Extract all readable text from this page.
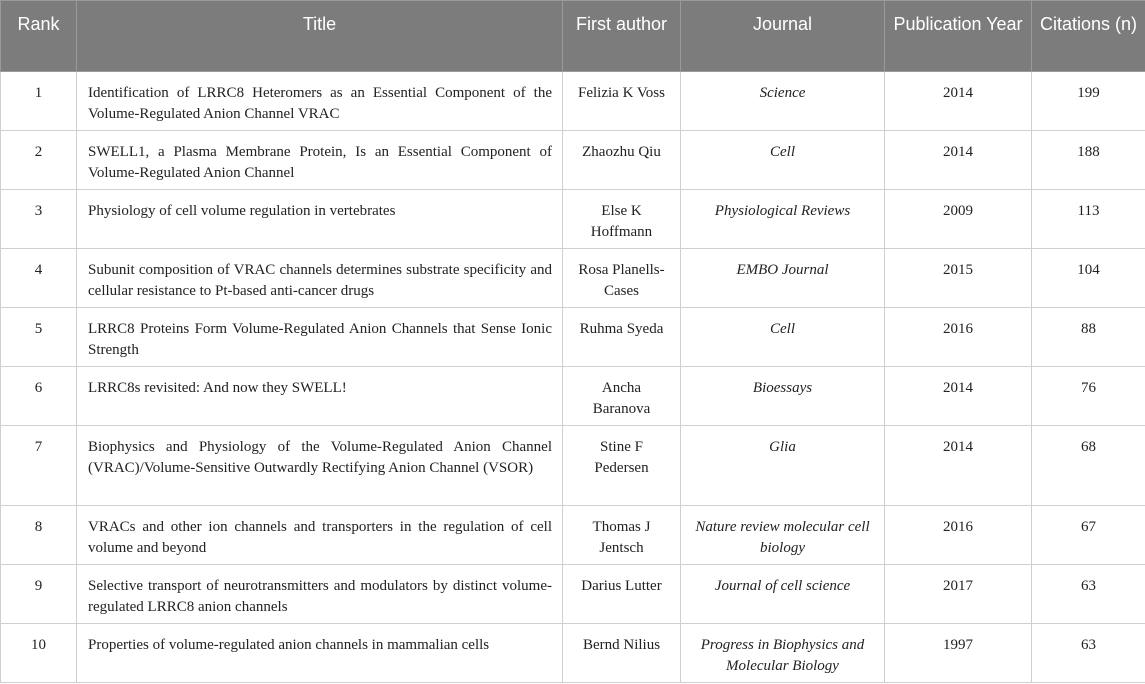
Rank	Title	First author	Journal	Publication Year	Citations (n)
1	Identification of LRRC8 Heteromers as an Essential Component of the Volume-Regulated Anion Channel VRAC	Felizia K Voss	Science	2014	199
2	SWELL1, a Plasma Membrane Protein, Is an Essential Component of Volume-Regulated Anion Channel	Zhaozhu Qiu	Cell	2014	188
3	Physiology of cell volume regulation in vertebrates	Else K Hoffmann	Physiological Reviews	2009	113
4	Subunit composition of VRAC channels determines substrate specificity and cellular resistance to Pt-based anti-cancer drugs	Rosa Planells-Cases	EMBO Journal	2015	104
5	LRRC8 Proteins Form Volume-Regulated Anion Channels that Sense Ionic Strength	Ruhma Syeda	Cell	2016	88
6	LRRC8s revisited: And now they SWELL!	Ancha Baranova	Bioessays	2014	76
7	Biophysics and Physiology of the Volume-Regulated Anion Channel (VRAC)/Volume-Sensitive Outwardly Rectifying Anion Channel (VSOR)	Stine F Pedersen	Glia	2014	68
8	VRACs and other ion channels and transporters in the regulation of cell volume and beyond	Thomas J Jentsch	Nature review molecular cell biology	2016	67
9	Selective transport of neurotransmitters and modulators by distinct volume-regulated LRRC8 anion channels	Darius Lutter	Journal of cell science	2017	63
10	Properties of volume-regulated anion channels in mammalian cells	Bernd Nilius	Progress in Biophysics and Molecular Biology	1997	63
